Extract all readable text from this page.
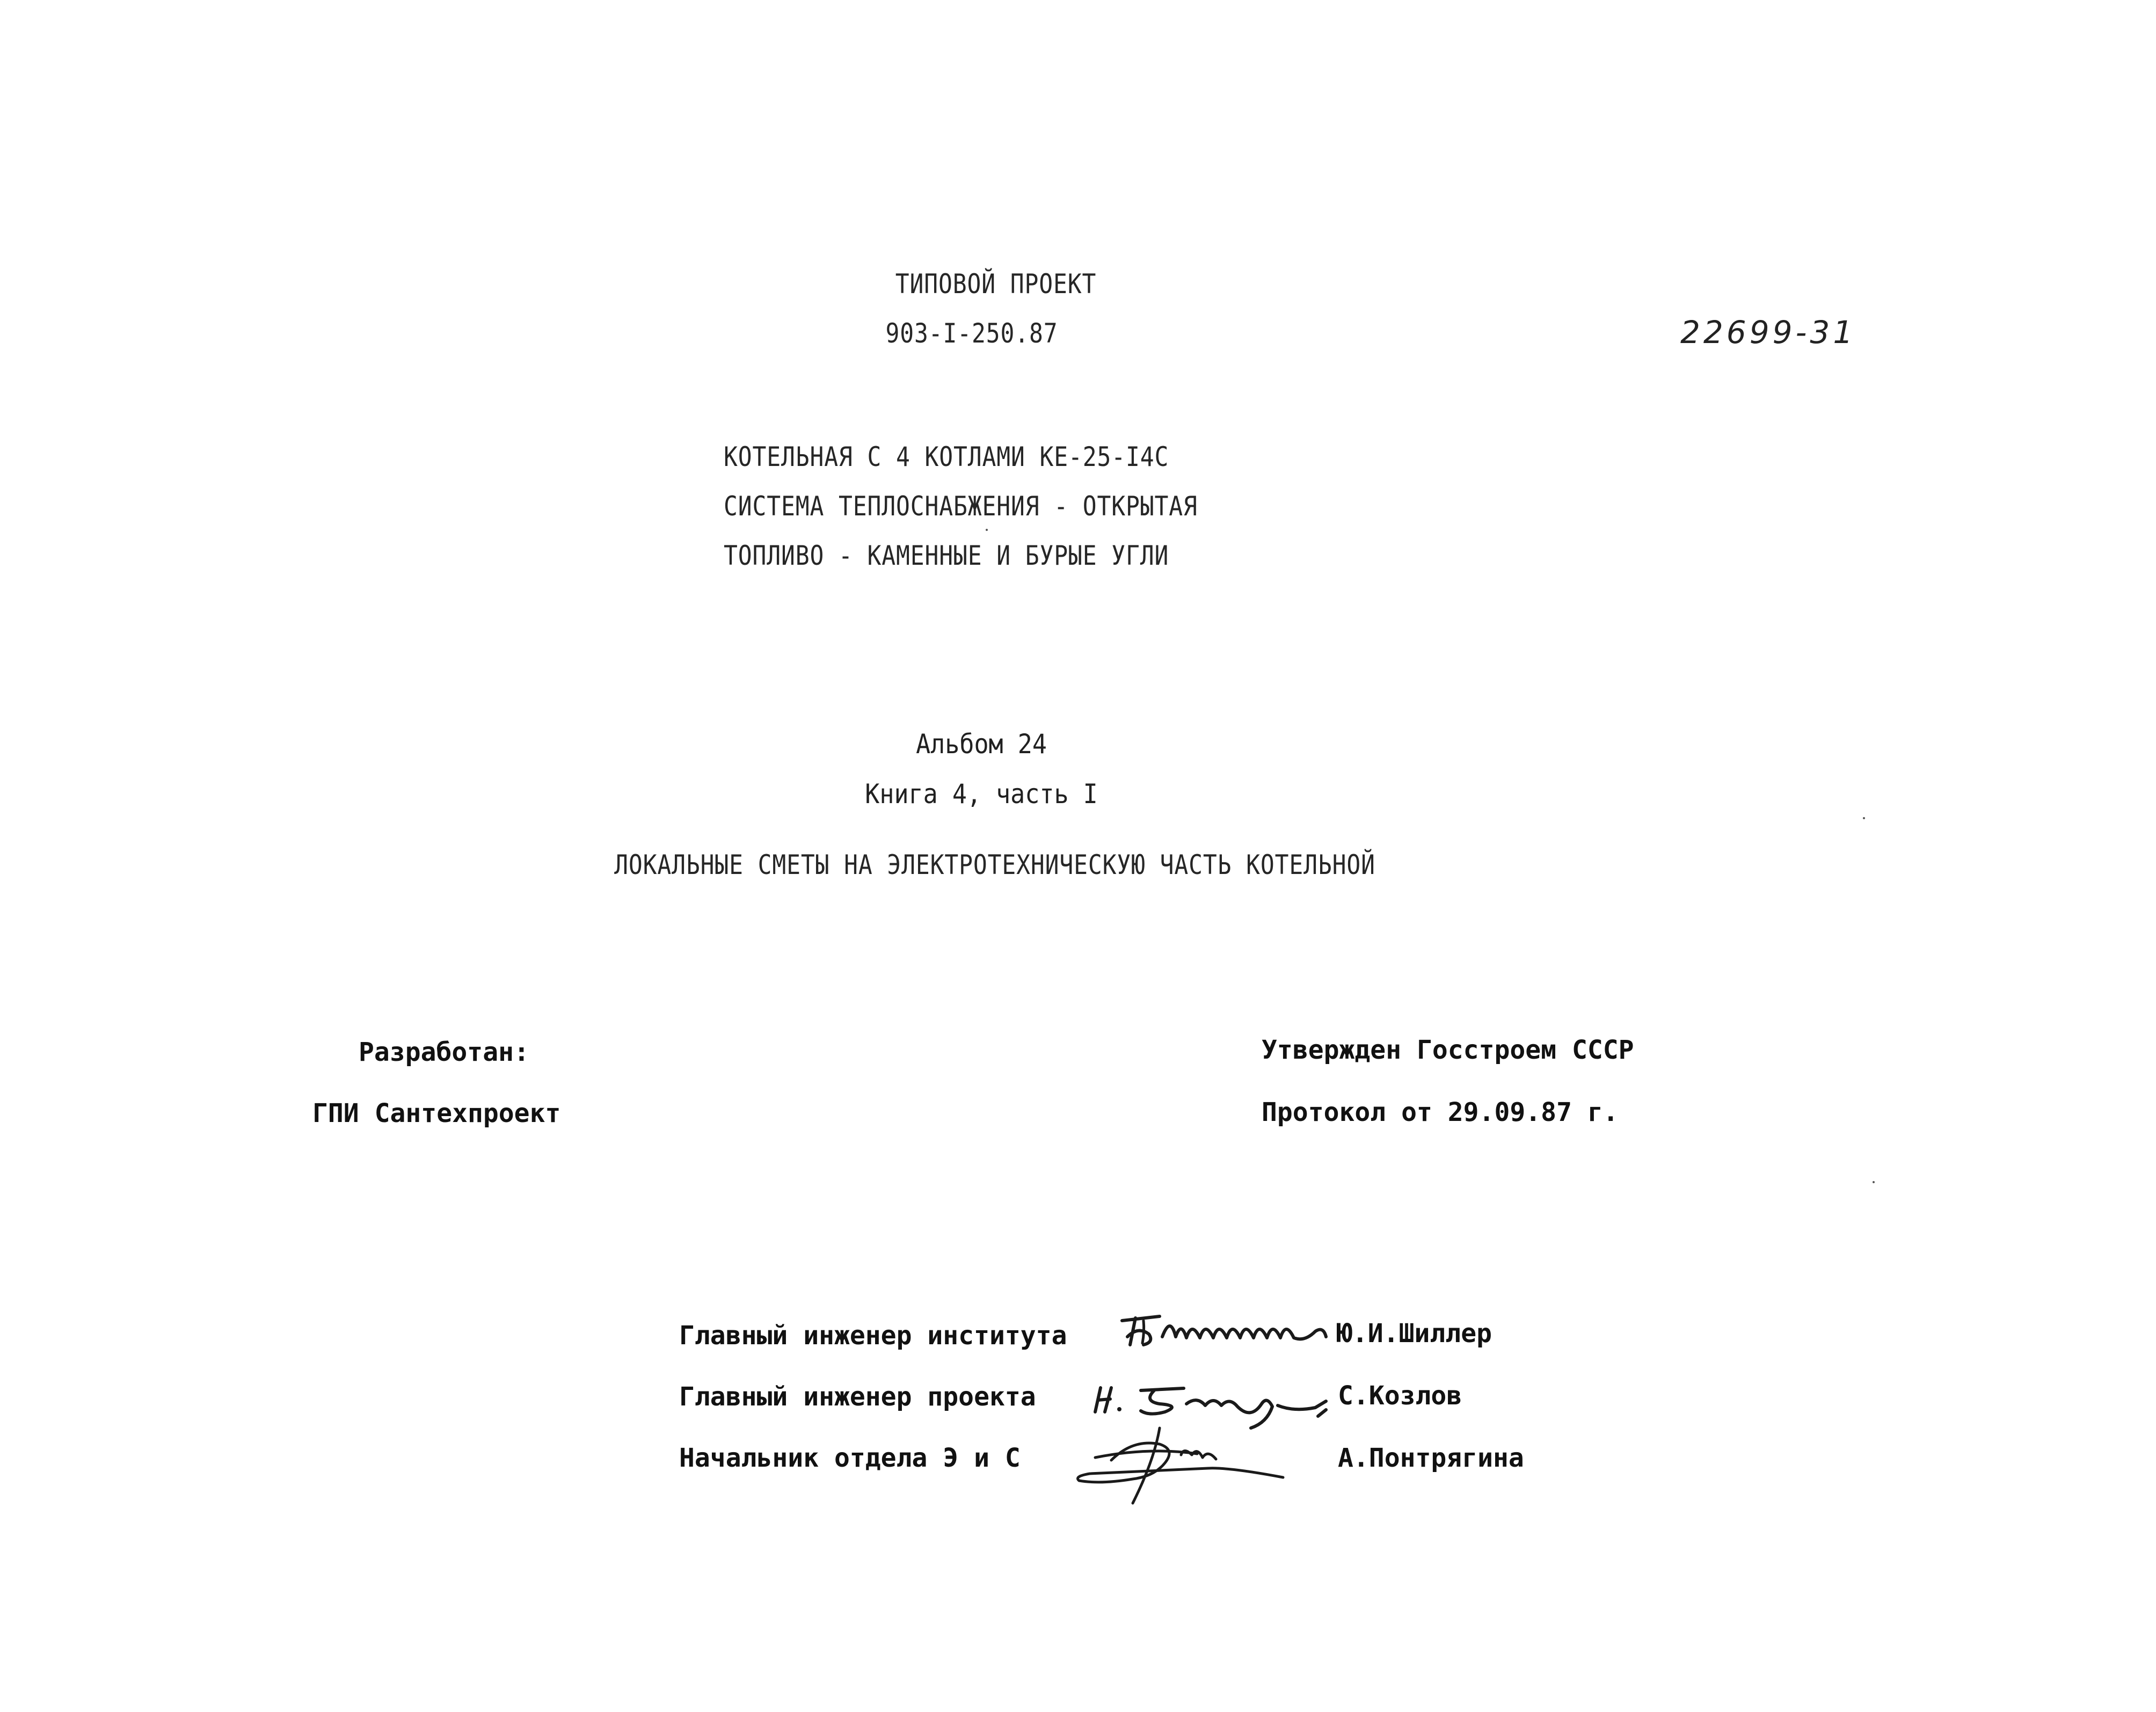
ТИПОВОЙ ПРОЕКТ
903-I-250.87	22699-31
КОТЕЛЬНАЯ С 4 КОТЛАМИ КЕ-25-I4С
СИСТЕМА ТЕПЛОСНАБЖЕНИЯ - ОТКРЫТАЯ
ТОПЛИВО - КАМЕННЫЕ И БУРЫЕ УГЛИ
Альбом 24
Книга 4, часть I
ЛОКАЛЬНЫЕ СМЕТЫ НА ЭЛЕКТРОТЕХНИЧЕСКУЮ ЧАСТЬ КОТЕЛЬНОЙ
Разработан:
ГПИ Сантехпроект
Утвержден Госстроем СССР
Протокол от 29.09.87 г.
Главный инженер института	Ю.И.Шиллер
Главный инженер проекта	С.Козлов
Начальник отдела Э и С	А.Понтрягина
